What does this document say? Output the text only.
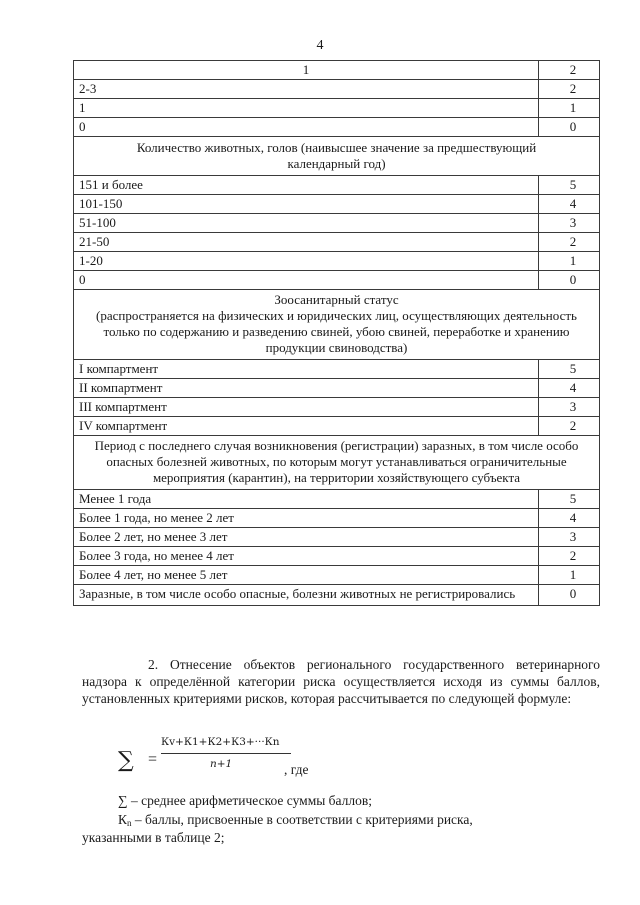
4
1	2
2-3	2
1	1
0	0
Количество животных, голов (наивысшее значение за предшествующий календарный год)	
151 и более	5
101-150	4
51-100	3
21-50	2
1-20	1
0	0

Зоосанитарный статус
(распространяется на физических и юридических лиц, осуществляющих деятельность только по содержанию и разведению свиней, убою свиней, переработке и хранению продукции свиноводства)	

I компартмент	5
II компартмент	4
III компартмент	3
IV компартмент	2
Период с последнего случая возникновения (регистрации) заразных, в том числе особо опасных болезней животных, по которым могут устанавливаться ограничительные мероприятия (карантин), на территории хозяйствующего субъекта	
Менее 1 года	5
Более 1 года, но менее 2 лет	4
Более 2 лет, но менее 3 лет	3
Более 3 года, но менее 4 лет	2
Более 4 лет, но менее 5 лет	1
Заразные, в том числе особо опасные, болезни животных не регистрировались	0
2. Отнесение объектов регионального государственного ветеринарного надзора к определённой категории риска осуществляется исходя из суммы баллов, установленных критериями рисков, которая рассчитывается по следующей формуле:
∑ =
Кv+К1+К2+К3+···Кn
n+1	, где
∑ – среднее арифметическое суммы баллов;
$К_n$ – баллы, присвоенные в соответствии с критериями риска,
указанными в таблице 2;
